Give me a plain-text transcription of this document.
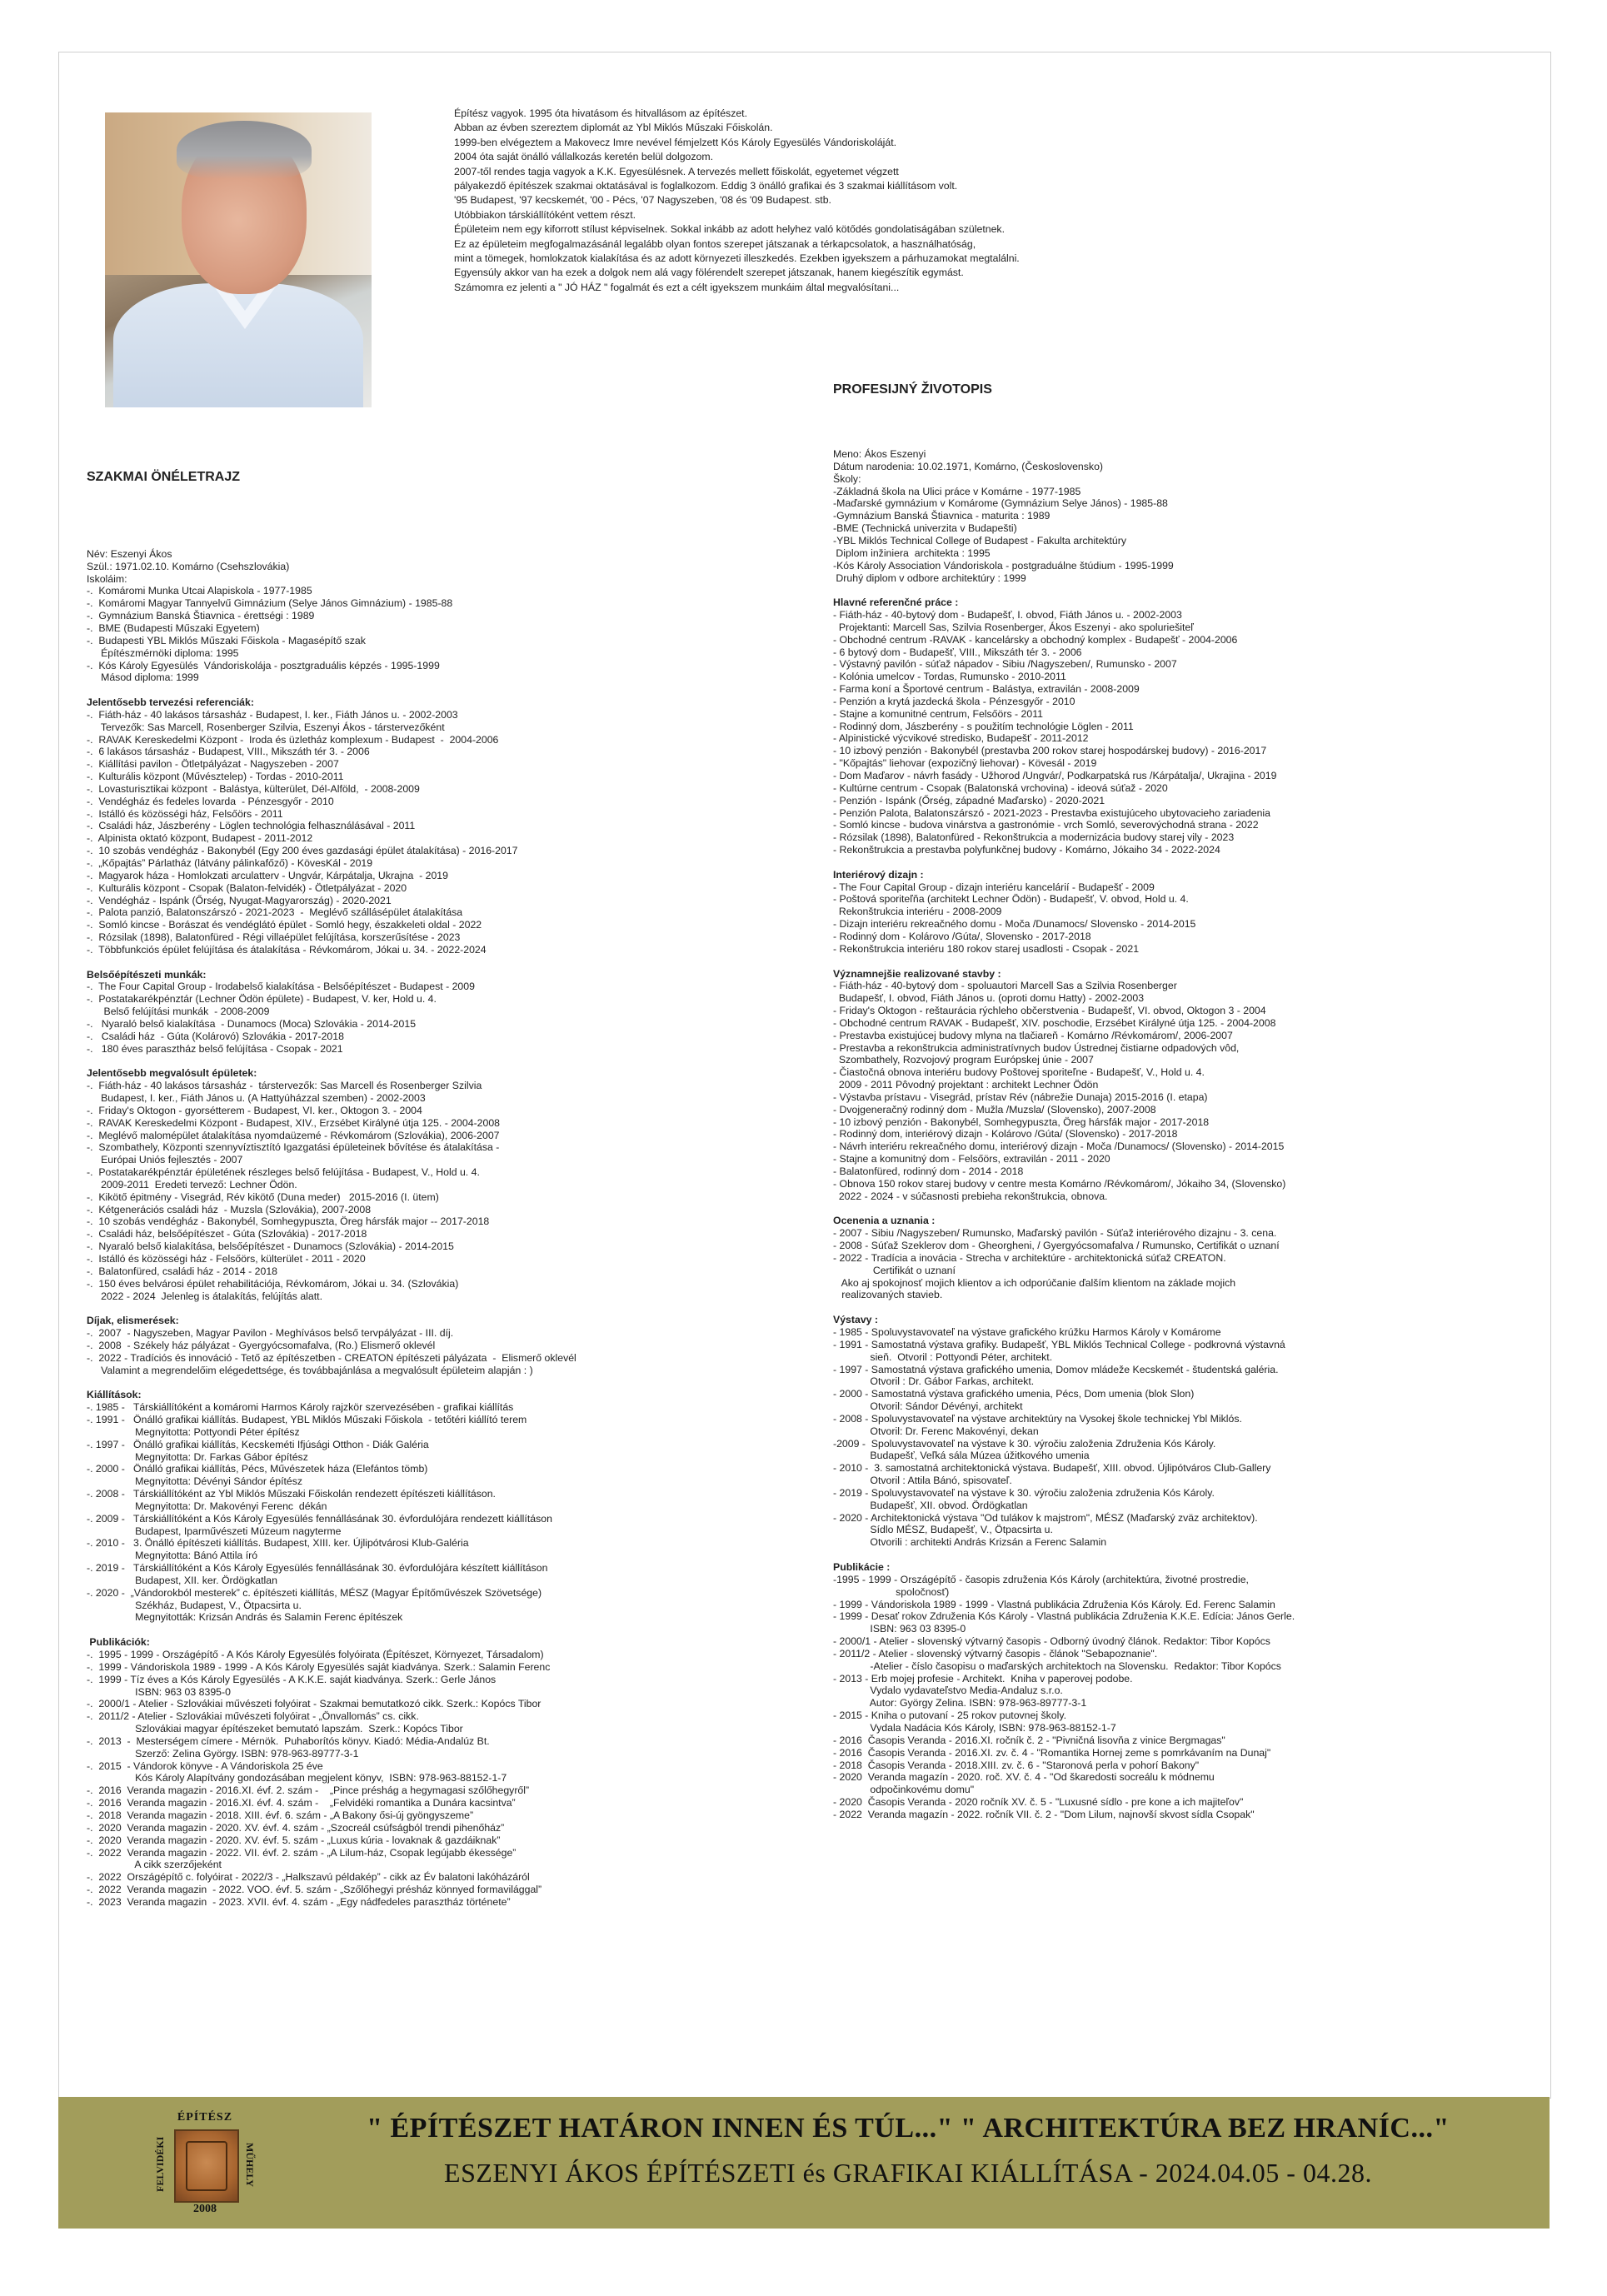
Építész vagyok. 1995 óta hivatásom és hitvallásom az építészet.
Abban az évben szereztem diplomát az Ybl Miklós Műszaki Főiskolán.
1999-ben elvégeztem a Makovecz Imre nevével fémjelzett Kós Károly Egyesülés Vándoriskoláját.
2004 óta saját önálló vállalkozás keretén belül dolgozom.
2007-től rendes tagja vagyok a K.K. Egyesülésnek. A tervezés mellett főiskolát, egyetemet végzett
pályakezdő építészek szakmai oktatásával is foglalkozom. Eddig 3 önálló grafikai és 3 szakmai kiállításom volt.
'95 Budapest, '97 kecskemét, '00 - Pécs, '07 Nagyszeben, '08 és '09 Budapest. stb.
Utóbbiakon társkiállítóként vettem részt.
Épületeim nem egy kiforrott stílust képviselnek. Sokkal inkább az adott helyhez való kötődés gondolatiságában születnek.
Ez az épületeim megfogalmazásánál legalább olyan fontos szerepet játszanak a térkapcsolatok, a használhatóság,
mint a tömegek, homlokzatok kialakítása és az adott környezeti illeszkedés. Ezekben igyekszem a párhuzamokat megtalálni.
Egyensúly akkor van ha ezek a dolgok nem alá vagy fölérendelt szerepet játszanak, hanem kiegészítik egymást.
Számomra ez jelenti a " JÓ HÁZ " fogalmát és ezt a célt igyekszem munkáim által megvalósítani...

SZAKMAI ÖNÉLETRAJZ

Név: Eszenyi Ákos
Szül.: 1971.02.10. Komárno (Csehszlovákia)
Iskoláim:
-.  Komáromi Munka Utcai Alapiskola - 1977-1985
-.  Komáromi Magyar Tannyelvű Gimnázium (Selye János Gimnázium) - 1985-88
-.  Gymnázium Banská Štiavnica - érettségi : 1989
-.  BME (Budapesti Műszaki Egyetem)
-.  Budapesti YBL Miklós Műszaki Főiskola - Magasépítő szak
Építészmérnöki diploma: 1995
-.  Kós Károly Egyesülés  Vándoriskolája - posztgraduális képzés - 1995-1999
Másod diploma: 1999
Jelentősebb tervezési referenciák:
-.  Fiáth-ház - 40 lakásos társasház - Budapest, I. ker., Fiáth János u. - 2002-2003
Tervezők: Sas Marcell, Rosenberger Szilvia, Eszenyi Ákos - társtervezőként
-.  RAVAK Kereskedelmi Központ -  Iroda és üzletház komplexum - Budapest  -  2004-2006
-.  6 lakásos társasház - Budapest, VIII., Mikszáth tér 3. - 2006
-.  Kiállítási pavilon - Ötletpályázat - Nagyszeben - 2007
-.  Kulturális központ (Művésztelep) - Tordas - 2010-2011
-.  Lovasturisztikai központ  - Balástya, külterület, Dél-Alföld,  - 2008-2009
-.  Vendégház és fedeles lovarda  - Pénzesgyőr - 2010
-.  Istálló és közösségi ház, Felsőörs - 2011
-.  Családi ház, Jászberény - Löglen technológia felhasználásával - 2011
-.  Alpinista oktató központ, Budapest - 2011-2012
-.  10 szobás vendégház - Bakonybél (Egy 200 éves gazdasági épület átalakítása) - 2016-2017
-.  „Kőpajtás” Párlatház (látvány pálinkafőző) - KövesKál - 2019
-.  Magyarok háza - Homlokzati arculatterv - Ungvár, Kárpátalja, Ukrajna  - 2019
-.  Kulturális központ - Csopak (Balaton-felvidék) - Ötletpályázat - 2020
-.  Vendégház - Ispánk (Őrség, Nyugat-Magyarország) - 2020-2021
-.  Palota panzió, Balatonszárszó - 2021-2023  -  Meglévő szállásépület átalakítása
-.  Somló kincse - Borászat és vendéglátó épület - Somló hegy, északkeleti oldal - 2022
-.  Rózsilak (1898), Balatonfüred - Régi villaépület felújítása, korszerűsítése - 2023
-.  Többfunkciós épület felújítása és átalakítása - Révkomárom, Jókai u. 34. - 2022-2024
Belsőépítészeti munkák:
-.  The Four Capital Group - Irodabelső kialakítása - Belsőépítészet - Budapest - 2009
-.  Postatakarékpénztár (Lechner Ödön épülete) - Budapest, V. ker, Hold u. 4.
Belső felújítási munkák  - 2008-2009
-.   Nyaraló belső kialakítása  - Dunamocs (Moca) Szlovákia - 2014-2015
-.   Családi ház  - Gúta (Kolárovó) Szlovákia - 2017-2018
-.   180 éves parasztház belső felújítása - Csopak - 2021
Jelentősebb megvalósult épületek:
-.  Fiáth-ház - 40 lakásos társasház -  társtervezők: Sas Marcell és Rosenberger Szilvia
Budapest, I. ker., Fiáth János u. (A Hattyúházzal szemben) - 2002-2003
-.  Friday's Oktogon - gyorsétterem - Budapest, VI. ker., Oktogon 3. - 2004
-.  RAVAK Kereskedelmi Központ - Budapest, XIV., Erzsébet Királyné útja 125. - 2004-2008
-.  Meglévő malomépület átalakítása nyomdaüzemé - Révkomárom (Szlovákia), 2006-2007
-.  Szombathely, Központi szennyvíztisztító Igazgatási épületeinek bővítése és átalakítása -
Európai Uniós fejlesztés - 2007
-.  Postatakarékpénztár épületének részleges belső felújítása - Budapest, V., Hold u. 4.
2009-2011  Eredeti tervező: Lechner Ödön.
-.  Kikötő épitmény - Visegrád, Rév kikötő (Duna meder)   2015-2016 (I. ütem)
-.  Kétgenerációs családi ház  - Muzsla (Szlovákia), 2007-2008
-.  10 szobás vendégház - Bakonybél, Somhegypuszta, Öreg hársfák major -- 2017-2018
-.  Családi ház, belsőépítészet - Gúta (Szlovákia) - 2017-2018
-.  Nyaraló belső kialakítása, belsőépítészet - Dunamocs (Szlovákia) - 2014-2015
-.  Istálló és közösségi ház - Felsőörs, külterület - 2011 - 2020
-.  Balatonfüred, családi ház - 2014 - 2018
-.  150 éves belvárosi épület rehabilitációja, Révkomárom, Jókai u. 34. (Szlovákia)
2022 - 2024  Jelenleg is átalakítás, felújítás alatt.
Díjak, elismerések:
-.  2007  - Nagyszeben, Magyar Pavilon - Meghívásos belső tervpályázat - III. díj.
-.  2008  - Székely ház pályázat - Gyergyócsomafalva, (Ro.) Elismerő oklevél
-.  2022 - Tradíciós és innováció - Tető az építészetben - CREATON építészeti pályázata  -  Elismerő oklevél
Valamint a megrendelőim elégedettsége, és továbbajánlása a megvalósult épületeim alapján : )
Kiállítások:
-. 1985 -   Társkiállítóként a komáromi Harmos Károly rajzkör szervezésében - grafikai kiállítás
-. 1991 -   Önálló grafikai kiállítás. Budapest, YBL Miklós Műszaki Főiskola  - tetőtéri kiállító terem
Megnyitotta: Pottyondi Péter építész
-. 1997 -   Önálló grafikai kiállítás, Kecskeméti Ifjúsági Otthon - Diák Galéria
Megnyitotta: Dr. Farkas Gábor építész
-. 2000 -   Önálló grafikai kiállítás, Pécs, Művészetek háza (Elefántos tömb)
Megnyitotta: Dévényi Sándor építész
-. 2008 -   Társkiállítóként az Ybl Miklós Műszaki Főiskolán rendezett építészeti kiállításon.
Megnyitotta: Dr. Makovényi Ferenc  dékán
-. 2009 -   Társkiállítóként a Kós Károly Egyesülés fennállásának 30. évfordulójára rendezett kiállításon
Budapest, Iparművészeti Múzeum nagyterme
-. 2010 -   3. Önálló építészeti kiállítás. Budapest, XIII. ker. Újlipótvárosi Klub-Galéria
Megnyitotta: Bánó Attila író
-. 2019 -   Társkiállítóként a Kós Károly Egyesülés fennállásának 30. évfordulójára készített kiállításon
Budapest, XII. ker. Ördögkatlan
-. 2020 -  „Vándorokból mesterek” c. építészeti kiállítás, MÉSZ (Magyar Építőművészek Szövetsége)
Székház, Budapest, V., Ötpacsirta u.
Megnyitották: Krizsán András és Salamin Ferenc építészek
Publikációk:
-.  1995 - 1999 - Országépítő - A Kós Károly Egyesülés folyóirata (Építészet, Környezet, Társadalom)
-.  1999 - Vándoriskola 1989 - 1999 - A Kós Károly Egyesülés saját kiadványa. Szerk.: Salamin Ferenc
-.  1999 - Tíz éves a Kós Károly Egyesülés - A K.K.E. saját kiadványa. Szerk.: Gerle János
ISBN: 963 03 8395-0
-.  2000/1 - Atelier - Szlovákiai művészeti folyóirat - Szakmai bemutatkozó cikk. Szerk.: Kopócs Tibor
-.  2011/2 - Atelier - Szlovákiai művészeti folyóirat - „Önvallomás” cs. cikk.
Szlovákiai magyar építészeket bemutató lapszám.  Szerk.: Kopócs Tibor
-.  2013  -  Mesterségem címere - Mérnök.  Puhaborítós könyv. Kiadó: Média-Andalúz Bt.
Szerző: Zelina György. ISBN: 978-963-89777-3-1
-.  2015  - Vándorok könyve - A Vándoriskola 25 éve
Kós Károly Alapítvány gondozásában megjelent könyv,  ISBN: 978-963-88152-1-7
-.  2016  Veranda magazin - 2016.XI. évf. 2. szám -    „Pince préshág a hegymagasi szőlőhegyről”
-.  2016  Veranda magazin - 2016.XI. évf. 4. szám -    „Felvidéki romantika a Dunára kacsintva”
-.  2018  Veranda magazin - 2018. XIII. évf. 6. szám - „A Bakony ősi-új gyöngyszeme”
-.  2020  Veranda magazin - 2020. XV. évf. 4. szám - „Szocreál csúfságból trendi pihenőház”
-.  2020  Veranda magazin - 2020. XV. évf. 5. szám - „Luxus kúria - lovaknak & gazdáiknak”
-.  2022  Veranda magazin - 2022. VII. évf. 2. szám - „A Lilum-ház, Csopak legújabb ékessége”
A cikk szerzőjeként
-.  2022  Országépítő c. folyóirat - 2022/3 - „Halkszavú példakép” - cikk az Év balatoni lakóházáról
-.  2022  Veranda magazin  - 2022. VOO. évf. 5. szám - „Szőlőhegyi présház könnyed formavilággal”
-.  2023  Veranda magazin  - 2023. XVII. évf. 4. szám - „Egy nádfedeles parasztház története”

PROFESIJNÝ ŽIVOTOPIS

Meno: Ákos Eszenyi
Dátum narodenia: 10.02.1971, Komárno, (Československo)
Školy:
-Základná škola na Ulici práce v Komárne - 1977-1985
-Maďarské gymnázium v Komárome (Gymnázium Selye János) - 1985-88
-Gymnázium Banská Štiavnica - maturita : 1989
-BME (Technická univerzita v Budapešti)
-YBL Miklós Technical College of Budapest - Fakulta architektúry
Diplom inžiniera  architekta : 1995
-Kós Károly Association Vándoriskola - postgraduálne štúdium - 1995-1999
Druhý diplom v odbore architektúry : 1999
Hlavné referenčné práce :
- Fiáth-ház - 40-bytový dom - Budapešť, I. obvod, Fiáth János u. - 2002-2003
Projektanti: Marcell Sas, Szilvia Rosenberger, Ákos Eszenyi - ako spoluriešiteľ
- Obchodné centrum -RAVAK - kancelársky a obchodný komplex - Budapešť - 2004-2006
- 6 bytový dom - Budapešť, VIII., Mikszáth tér 3. - 2006
- Výstavný pavilón - súťaž nápadov - Sibiu /Nagyszeben/, Rumunsko - 2007
- Kolónia umelcov - Tordas, Rumunsko - 2010-2011
- Farma koní a Športové centrum - Balástya, extravilán - 2008-2009
- Penzión a krytá jazdecká škola - Pénzesgyőr - 2010
- Stajne a komunitné centrum, Felsőörs - 2011
- Rodinný dom, Jászberény - s použitím technológie Löglen - 2011
- Alpinistické výcvikové stredisko, Budapešť - 2011-2012
- 10 izbový penzión - Bakonybél (prestavba 200 rokov starej hospodárskej budovy) - 2016-2017
- "Kőpajtás" liehovar (expozičný liehovar) - Kövesál - 2019
- Dom Maďarov - návrh fasády - Užhorod /Ungvár/, Podkarpatská rus /Kárpátalja/, Ukrajina - 2019
- Kultúrne centrum - Csopak (Balatonská vrchovina) - ideová súťaž - 2020
- Penzión - Ispánk (Őrség, západné Maďarsko) - 2020-2021
- Penzión Palota, Balatonszárszó - 2021-2023 - Prestavba existujúceho ubytovacieho zariadenia
- Somló kincse - budova vinárstva a gastronómie - vrch Somló, severovýchodná strana - 2022
- Rózsilak (1898), Balatonfüred - Rekonštrukcia a modernizácia budovy starej vily - 2023
- Rekonštrukcia a prestavba polyfunkčnej budovy - Komárno, Jókaiho 34 - 2022-2024
Interiérový dizajn :
- The Four Capital Group - dizajn interiéru kancelárií - Budapešť - 2009
- Poštová sporiteľňa (architekt Lechner Ödön) - Budapešť, V. obvod, Hold u. 4.
Rekonštrukcia interiéru - 2008-2009
- Dizajn interiéru rekreačného domu - Moča /Dunamocs/ Slovensko - 2014-2015
- Rodinný dom - Kolárovo /Gúta/, Slovensko - 2017-2018
- Rekonštrukcia interiéru 180 rokov starej usadlosti - Csopak - 2021
Významnejšie realizované stavby :
- Fiáth-ház - 40-bytový dom - spoluautori Marcell Sas a Szilvia Rosenberger
Budapešť, I. obvod, Fiáth János u. (oproti domu Hatty) - 2002-2003
- Friday's Oktogon - reštaurácia rýchleho občerstvenia - Budapešť, VI. obvod, Oktogon 3 - 2004
- Obchodné centrum RAVAK - Budapešť, XIV. poschodie, Erzsébet Királyné útja 125. - 2004-2008
- Prestavba existujúcej budovy mlyna na tlačiareň - Komárno /Révkomárom/, 2006-2007
- Prestavba a rekonštrukcia administratívnych budov Ústrednej čistiarne odpadových vôd,
Szombathely, Rozvojový program Európskej únie - 2007
- Čiastočná obnova interiéru budovy Poštovej sporiteľne - Budapešť, V., Hold u. 4.
2009 - 2011 Pôvodný projektant : architekt Lechner Ödön
- Výstavba prístavu - Visegrád, prístav Rév (nábrežie Dunaja) 2015-2016 (I. etapa)
- Dvojgeneračný rodinný dom - Mužla /Muzsla/ (Slovensko), 2007-2008
- 10 izbový penzión - Bakonybél, Somhegypuszta, Öreg hársfák major - 2017-2018
- Rodinný dom, interiérový dizajn - Kolárovo /Gúta/ (Slovensko) - 2017-2018
- Návrh interiéru rekreačného domu, interiérový dizajn - Moča /Dunamocs/ (Slovensko) - 2014-2015
- Stajne a komunitný dom - Felsőörs, extravilán - 2011 - 2020
- Balatonfüred, rodinný dom - 2014 - 2018
- Obnova 150 rokov starej budovy v centre mesta Komárno /Révkomárom/, Jókaiho 34, (Slovensko)
2022 - 2024 - v súčasnosti prebieha rekonštrukcia, obnova.
Ocenenia a uznania :
- 2007 - Sibiu /Nagyszeben/ Rumunsko, Maďarský pavilón - Súťaž interiérového dizajnu - 3. cena.
- 2008 - Súťaž Szeklerov dom - Gheorgheni, / Gyergyócsomafalva / Rumunsko, Certifikát o uznaní
- 2022 - Tradícia a inovácia - Strecha v architektúre - architektonická súťaž CREATON.
Certifikát o uznaní
Ako aj spokojnosť mojich klientov a ich odporúčanie ďalším klientom na základe mojich
realizovaných stavieb.
Výstavy :
- 1985 - Spoluvystavovateľ na výstave grafického krúžku Harmos Károly v Komárome
- 1991 - Samostatná výstava grafiky. Budapešť, YBL Miklós Technical College - podkrovná výstavná
sieň.  Otvoril : Pottyondi Péter, architekt.
- 1997 - Samostatná výstava grafického umenia, Domov mládeže Kecskemét - študentská galéria.
Otvoril : Dr. Gábor Farkas, architekt.
- 2000 - Samostatná výstava grafického umenia, Pécs, Dom umenia (blok Slon)
Otvoril: Sándor Dévényi, architekt
- 2008 - Spoluvystavovateľ na výstave architektúry na Vysokej škole technickej Ybl Miklós.
Otvoril: Dr. Ferenc Makovényi, dekan
-2009 -  Spoluvystavovateľ na výstave k 30. výročiu založenia Združenia Kós Károly.
Budapešť, Veľká sála Múzea úžitkového umenia
- 2010 -  3. samostatná architektonická výstava. Budapešť, XIII. obvod. Újlipótváros Club-Gallery
Otvoril : Attila Bánó, spisovateľ.
- 2019 - Spoluvystavovateľ na výstave k 30. výročiu založenia združenia Kós Károly.
Budapešť, XII. obvod. Ördögkatlan
- 2020 - Architektonická výstava "Od tulákov k majstrom", MÉSZ (Maďarský zväz architektov).
Sídlo MÉSZ, Budapešť, V., Ötpacsirta u.
Otvorili : architekti András Krizsán a Ferenc Salamin
Publikácie :
-1995 - 1999 - Országépítő - časopis združenia Kós Károly (architektúra, životné prostredie,
spoločnosť)
- 1999 - Vándoriskola 1989 - 1999 - Vlastná publikácia Združenia Kós Károly. Ed. Ferenc Salamin
- 1999 - Desať rokov Združenia Kós Károly - Vlastná publikácia Združenia K.K.E. Edícia: János Gerle.
ISBN: 963 03 8395-0
- 2000/1 - Atelier - slovenský výtvarný časopis - Odborný úvodný článok. Redaktor: Tibor Kopócs
- 2011/2 - Atelier - slovenský výtvarný časopis - článok "Sebapoznanie".
-Atelier - číslo časopisu o maďarských architektoch na Slovensku.  Redaktor: Tibor Kopócs
- 2013 - Erb mojej profesie - Architekt.  Kniha v paperovej podobe.
Vydalo vydavateľstvo Media-Andaluz s.r.o.
Autor: György Zelina. ISBN: 978-963-89777-3-1
- 2015 - Kniha o putovaní - 25 rokov putovnej školy.
Vydala Nadácia Kós Károly, ISBN: 978-963-88152-1-7
- 2016  Časopis Veranda - 2016.XI. ročník č. 2 - "Pivničná lisovňa z vinice Bergmagas"
- 2016  Časopis Veranda - 2016.XI. zv. č. 4 - "Romantika Hornej zeme s pomrkávaním na Dunaj"
- 2018  Časopis Veranda - 2018.XIII. zv. č. 6 - "Staronová perla v pohorí Bakony"
- 2020  Veranda magazín - 2020. roč. XV. č. 4 - "Od škaredosti socreálu k módnemu
odpočinkovému domu"
- 2020  Časopis Veranda - 2020 ročník XV. č. 5 - "Luxusné sídlo - pre kone a ich majiteľov"
- 2022  Veranda magazín - 2022. ročník VII. č. 2 - "Dom Lilum, najnovší skvost sídla Csopak"

ÉPÍTÉSZ
FELVIDÉKI	MŰHELY
2008
" ÉPÍTÉSZET HATÁRON INNEN ÉS TÚL..." " ARCHITEKTÚRA BEZ HRANÍC..."
ESZENYI ÁKOS ÉPÍTÉSZETI és GRAFIKAI KIÁLLÍTÁSA - 2024.04.05 - 04.28.
